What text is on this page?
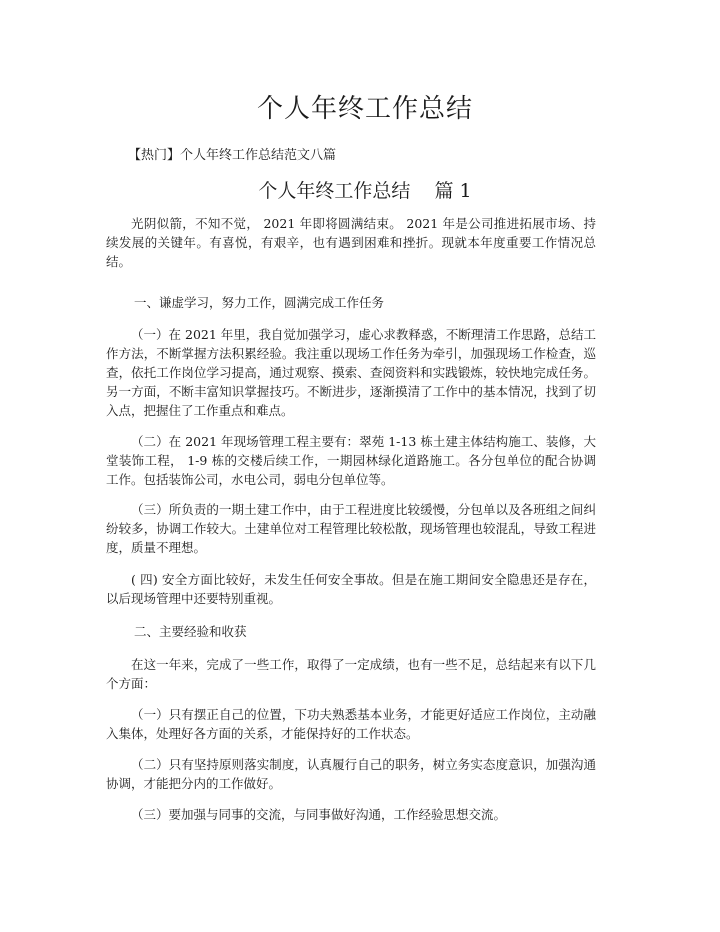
个人年终工作总结
【热门】个人年终工作总结范文八篇
个人年终工作总结 篇 1

光阴似箭，不知不觉， 2021 年即将圆满结束。 2021 年是公司推进拓展市场、持续发展的关键年。有喜悦，有艰辛，也有遇到困难和挫折。现就本年度重要工作情况总结。

一、谦虚学习，努力工作，圆满完成工作任务

（一）在 2021 年里，我自觉加强学习，虚心求教释惑，不断理清工作思路，总结工作方法，不断掌握方法积累经验。我注重以现场工作任务为牵引，加强现场工作检查，巡查，依托工作岗位学习提高，通过观察、摸索、查阅资料和实践锻炼，较快地完成任务。另一方面，不断丰富知识掌握技巧。不断进步，逐渐摸清了工作中的基本情况，找到了切入点，把握住了工作重点和难点。

（二）在 2021 年现场管理工程主要有：翠苑 1-13 栋土建主体结构施工、装修，大堂装饰工程， 1-9 栋的交楼后续工作，一期园林绿化道路施工。各分包单位的配合协调工作。包括装饰公司，水电公司，弱电分包单位等。

（三）所负责的一期土建工作中，由于工程进度比较缓慢，分包单以及各班组之间纠纷较多，协调工作较大。土建单位对工程管理比较松散，现场管理也较混乱，导致工程进度，质量不理想。

( 四) 安全方面比较好，未发生任何安全事故。但是在施工期间安全隐患还是存在，以后现场管理中还要特别重视。

二、主要经验和收获

在这一年来，完成了一些工作，取得了一定成绩，也有一些不足，总结起来有以下几个方面：

（一）只有摆正自己的位置，下功夫熟悉基本业务，才能更好适应工作岗位，主动融入集体，处理好各方面的关系，才能保持好的工作状态。

（二）只有坚持原则落实制度，认真履行自己的职务，树立务实态度意识，加强沟通协调，才能把分内的工作做好。

（三）要加强与同事的交流，与同事做好沟通，工作经验思想交流。
